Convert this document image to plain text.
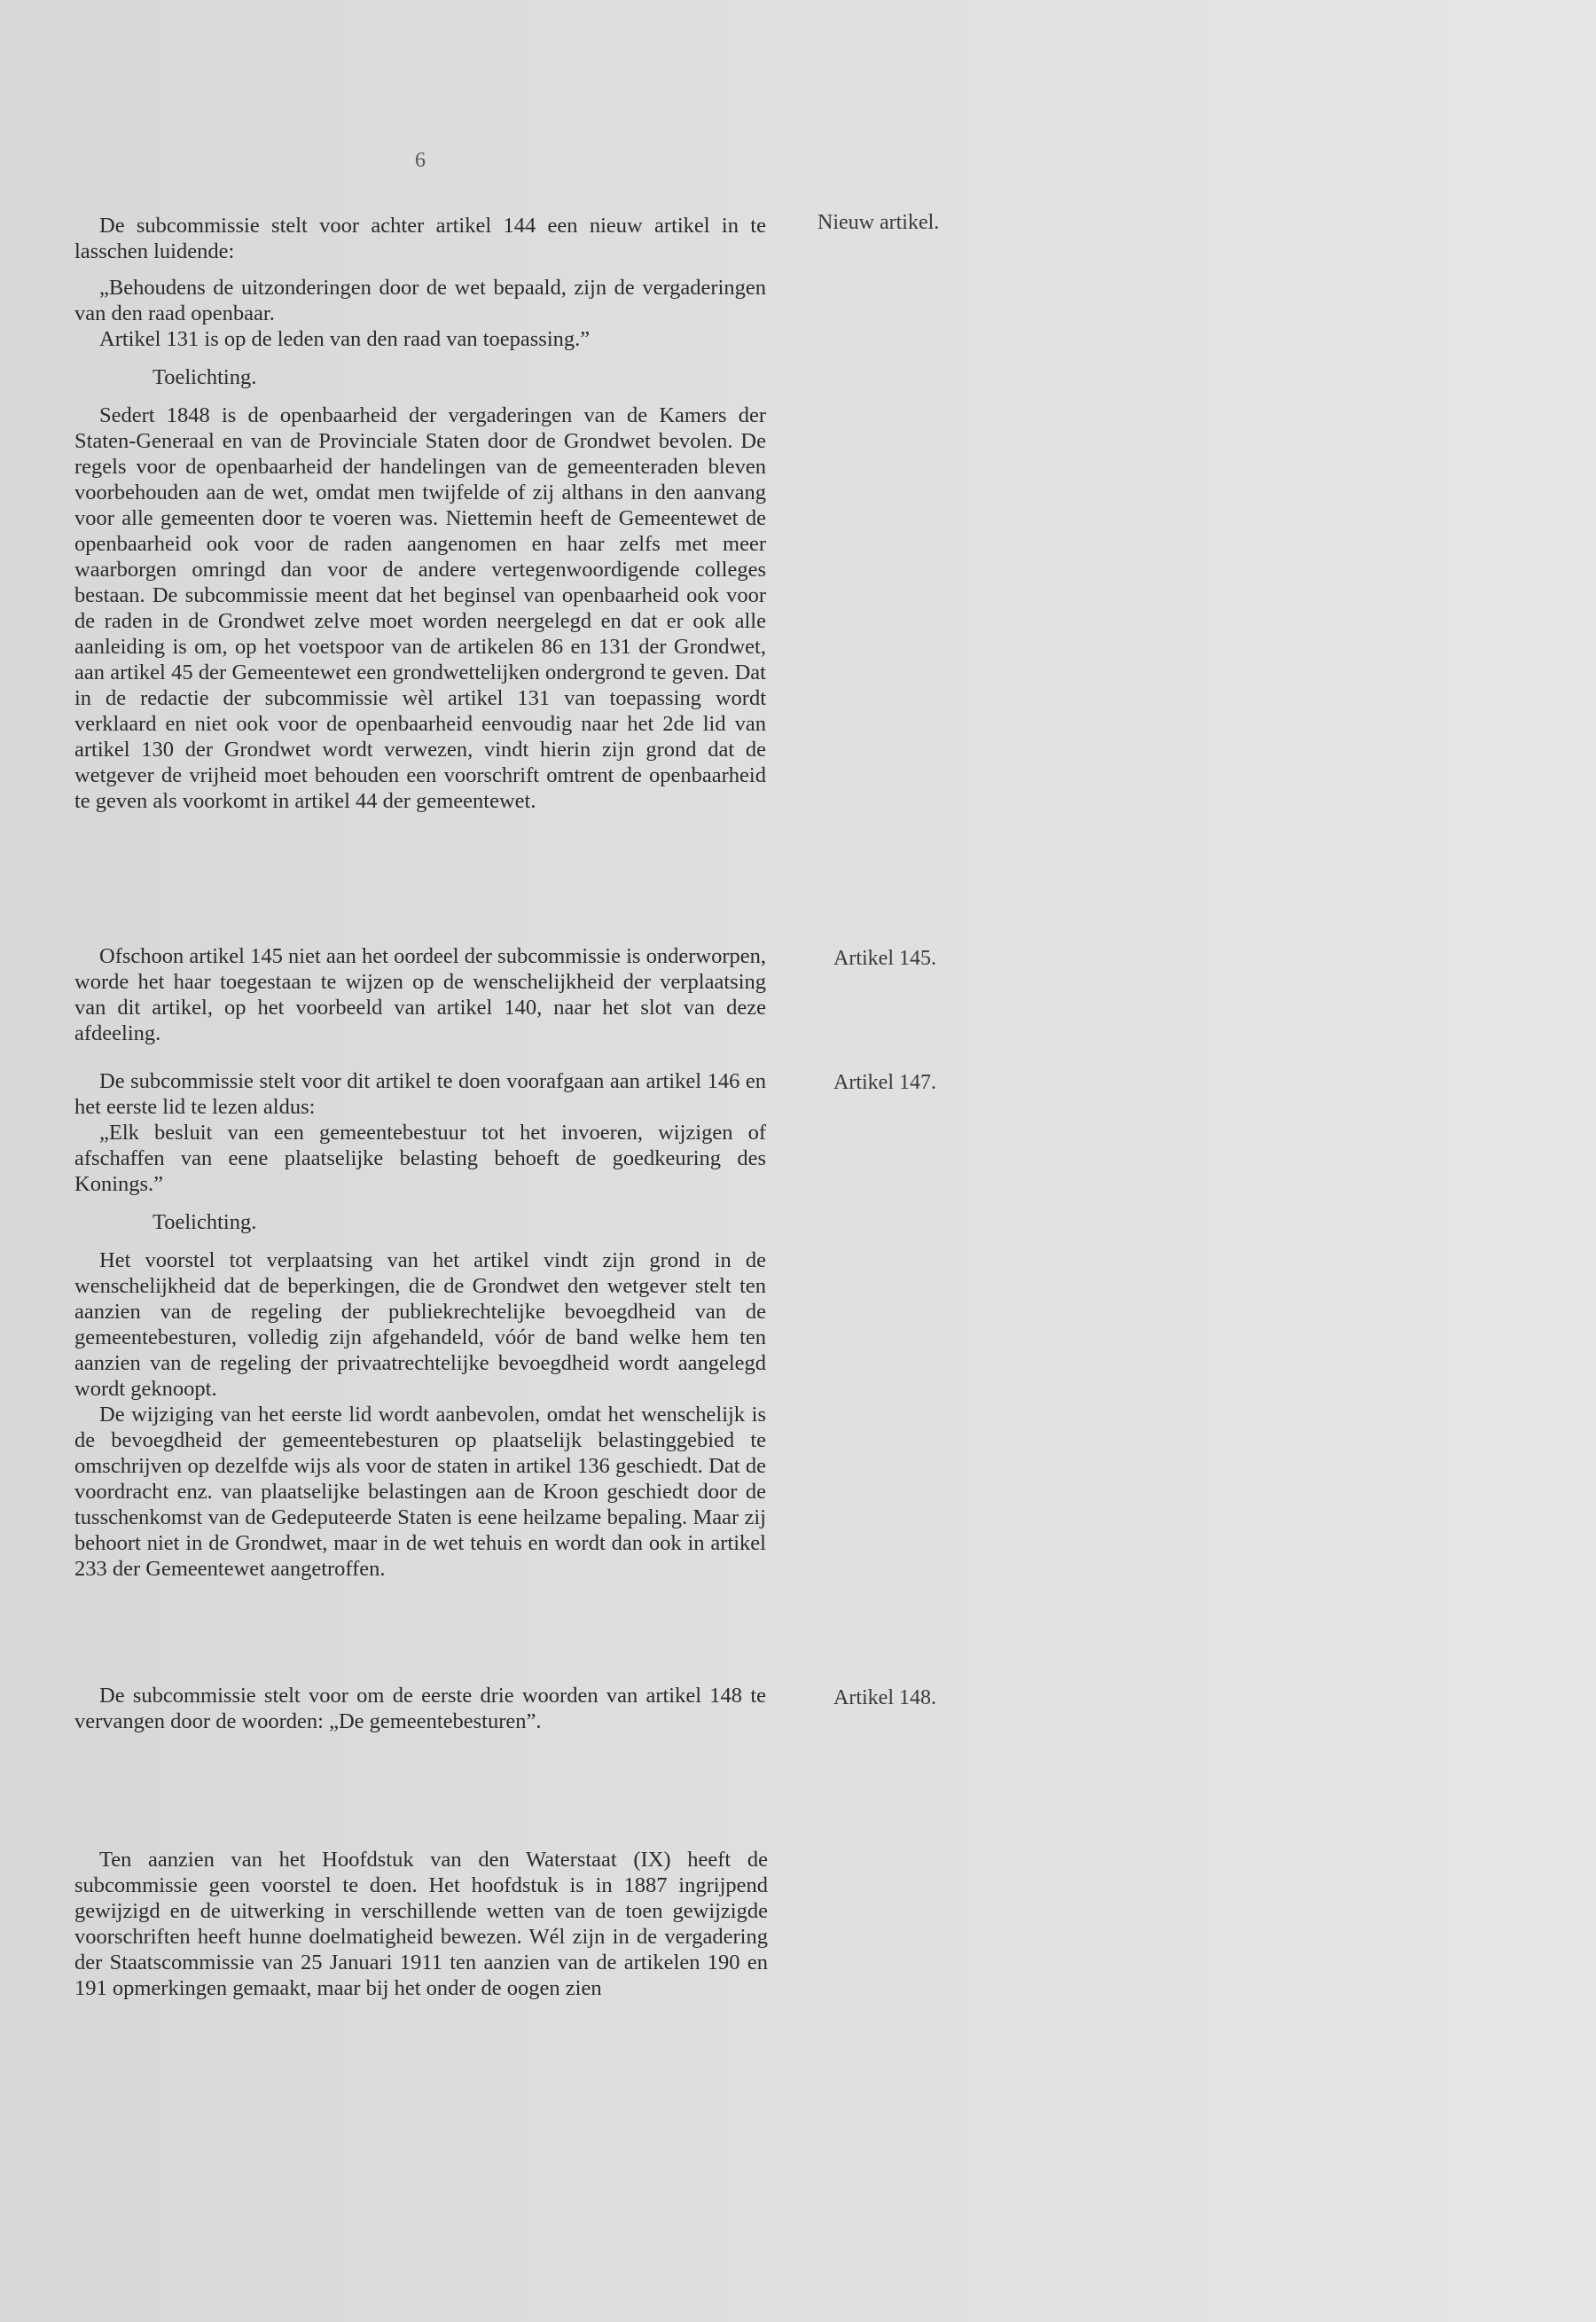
6

De subcommissie stelt voor achter artikel 144 een nieuw artikel in te lasschen luidende:

„Behoudens de uitzonderingen door de wet bepaald, zijn de vergaderingen van den raad openbaar.

Artikel 131 is op de leden van den raad van toepassing.”

Toelichting.

Sedert 1848 is de openbaarheid der vergaderingen van de Kamers der Staten-Generaal en van de Provinciale Staten door de Grondwet bevolen. De regels voor de openbaarheid der handelingen van de gemeenteraden bleven voorbehouden aan de wet, omdat men twijfelde of zij althans in den aanvang voor alle gemeenten door te voeren was. Niettemin heeft de Gemeentewet de openbaarheid ook voor de raden aangenomen en haar zelfs met meer waarborgen omringd dan voor de andere vertegenwoordigende colleges bestaan. De subcommissie meent dat het beginsel van openbaarheid ook voor de raden in de Grondwet zelve moet worden neergelegd en dat er ook alle aanleiding is om, op het voetspoor van de artikelen 86 en 131 der Grondwet, aan artikel 45 der Gemeentewet een grondwettelijken ondergrond te geven. Dat in de redactie der subcommissie wèl artikel 131 van toepassing wordt verklaard en niet ook voor de openbaarheid eenvoudig naar het 2de lid van artikel 130 der Grondwet wordt verwezen, vindt hierin zijn grond dat de wetgever de vrijheid moet behouden een voorschrift omtrent de openbaarheid te geven als voorkomt in artikel 44 der gemeentewet.

Nieuw artikel.

Ofschoon artikel 145 niet aan het oordeel der subcommissie is onderworpen, worde het haar toegestaan te wijzen op de wenschelijkheid der verplaatsing van dit artikel, op het voorbeeld van artikel 140, naar het slot van deze afdeeling.

Artikel 145.

De subcommissie stelt voor dit artikel te doen voorafgaan aan artikel 146 en het eerste lid te lezen aldus:

„Elk besluit van een gemeentebestuur tot het invoeren, wijzigen of afschaffen van eene plaatselijke belasting behoeft de goedkeuring des Konings.”

Toelichting.

Het voorstel tot verplaatsing van het artikel vindt zijn grond in de wenschelijkheid dat de beperkingen, die de Grondwet den wetgever stelt ten aanzien van de regeling der publiekrechtelijke bevoegdheid van de gemeentebesturen, volledig zijn afgehandeld, vóór de band welke hem ten aanzien van de regeling der privaatrechtelijke bevoegdheid wordt aangelegd wordt geknoopt.

De wijziging van het eerste lid wordt aanbevolen, omdat het wenschelijk is de bevoegdheid der gemeentebesturen op plaatselijk belastinggebied te omschrijven op dezelfde wijs als voor de staten in artikel 136 geschiedt. Dat de voordracht enz. van plaatselijke belastingen aan de Kroon geschiedt door de tusschenkomst van de Gedeputeerde Staten is eene heilzame bepaling. Maar zij behoort niet in de Grondwet, maar in de wet tehuis en wordt dan ook in artikel 233 der Gemeentewet aangetroffen.

Artikel 147.

De subcommissie stelt voor om de eerste drie woorden van artikel 148 te vervangen door de woorden: „De gemeentebesturen”.

Artikel 148.

Ten aanzien van het Hoofdstuk van den Waterstaat (IX) heeft de subcommissie geen voorstel te doen. Het hoofdstuk is in 1887 ingrijpend gewijzigd en de uitwerking in verschillende wetten van de toen gewijzigde voorschriften heeft hunne doelmatigheid bewezen. Wél zijn in de vergadering der Staatscommissie van 25 Januari 1911 ten aanzien van de artikelen 190 en 191 opmerkingen gemaakt, maar bij het onder de oogen zien
